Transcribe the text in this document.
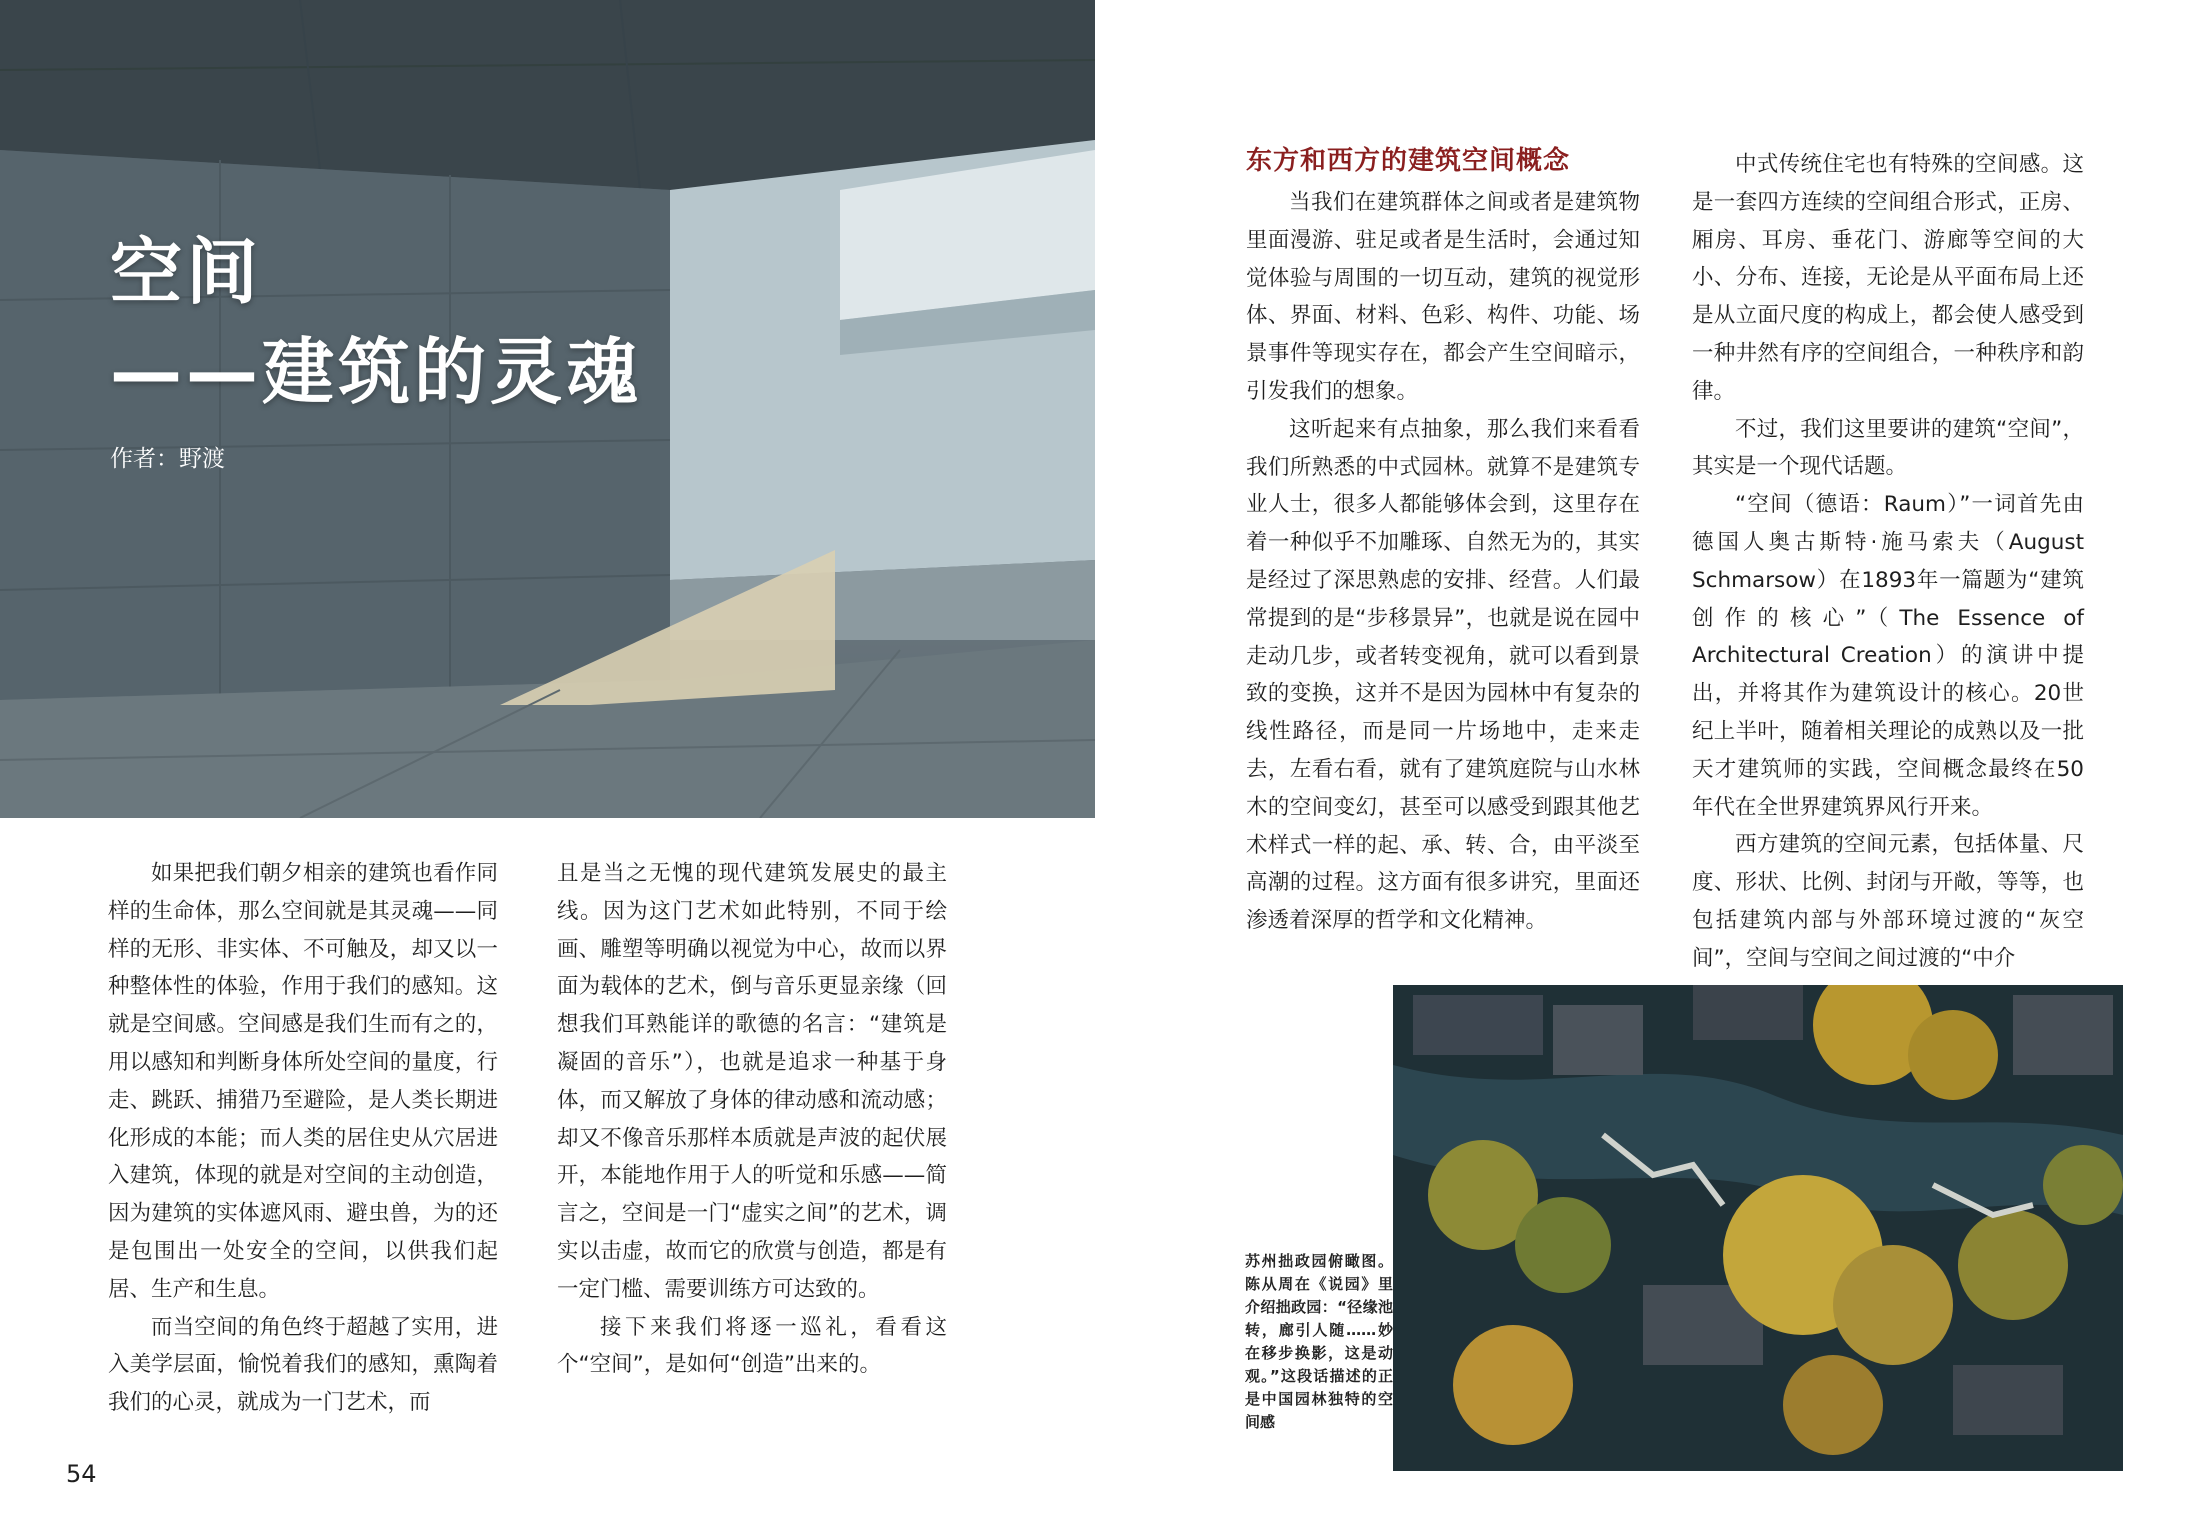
空间
——建筑的灵魂
作者：野渡

如果把我们朝夕相亲的建筑也看作同样的生命体，那么空间就是其灵魂——同样的无形、非实体、不可触及，却又以一种整体性的体验，作用于我们的感知。这就是空间感。空间感是我们生而有之的，用以感知和判断身体所处空间的量度，行走、跳跃、捕猎乃至避险，是人类长期进化形成的本能；而人类的居住史从穴居进入建筑，体现的就是对空间的主动创造，因为建筑的实体遮风雨、避虫兽，为的还是包围出一处安全的空间，以供我们起居、生产和生息。

而当空间的角色终于超越了实用，进入美学层面，愉悦着我们的感知，熏陶着我们的心灵，就成为一门艺术，而

且是当之无愧的现代建筑发展史的最主线。因为这门艺术如此特别，不同于绘画、雕塑等明确以视觉为中心，故而以界面为载体的艺术，倒与音乐更显亲缘（回想我们耳熟能详的歌德的名言：“建筑是凝固的音乐”），也就是追求一种基于身体，而又解放了身体的律动感和流动感；却又不像音乐那样本质就是声波的起伏展开，本能地作用于人的听觉和乐感——简言之，空间是一门“虚实之间”的艺术，调实以击虚，故而它的欣赏与创造，都是有一定门槛、需要训练方可达致的。

接下来我们将逐一巡礼，看看这个“空间”，是如何“创造”出来的。

54
东方和西方的建筑空间概念

当我们在建筑群体之间或者是建筑物里面漫游、驻足或者是生活时，会通过知觉体验与周围的一切互动，建筑的视觉形体、界面、材料、色彩、构件、功能、场景事件等现实存在，都会产生空间暗示，引发我们的想象。

这听起来有点抽象，那么我们来看看我们所熟悉的中式园林。就算不是建筑专业人士，很多人都能够体会到，这里存在着一种似乎不加雕琢、自然无为的，其实是经过了深思熟虑的安排、经营。人们最常提到的是“步移景异”，也就是说在园中走动几步，或者转变视角，就可以看到景致的变换，这并不是因为园林中有复杂的线性路径，而是同一片场地中，走来走去，左看右看，就有了建筑庭院与山水林木的空间变幻，甚至可以感受到跟其他艺术样式一样的起、承、转、合，由平淡至高潮的过程。这方面有很多讲究，里面还渗透着深厚的哲学和文化精神。

中式传统住宅也有特殊的空间感。这是一套四方连续的空间组合形式，正房、厢房、耳房、垂花门、游廊等空间的大小、分布、连接，无论是从平面布局上还是从立面尺度的构成上，都会使人感受到一种井然有序的空间组合，一种秩序和韵律。

不过，我们这里要讲的建筑“空间”，其实是一个现代话题。

“空间（德语：Raum）”一词首先由德国人奥古斯特·施马索夫（August Schmarsow）在1893年一篇题为“建筑创作的核心”（The Essence of Architectural Creation）的演讲中提出，并将其作为建筑设计的核心。20世纪上半叶，随着相关理论的成熟以及一批天才建筑师的实践，空间概念最终在50年代在全世界建筑界风行开来。

西方建筑的空间元素，包括体量、尺度、形状、比例、封闭与开敞，等等，也包括建筑内部与外部环境过渡的“灰空间”，空间与空间之间过渡的“中介

苏州拙政园俯瞰图。陈从周在《说园》里介绍拙政园：“径缘池转，廊引人随……妙在移步换影，这是动观。”这段话描述的正是中国园林独特的空间感
